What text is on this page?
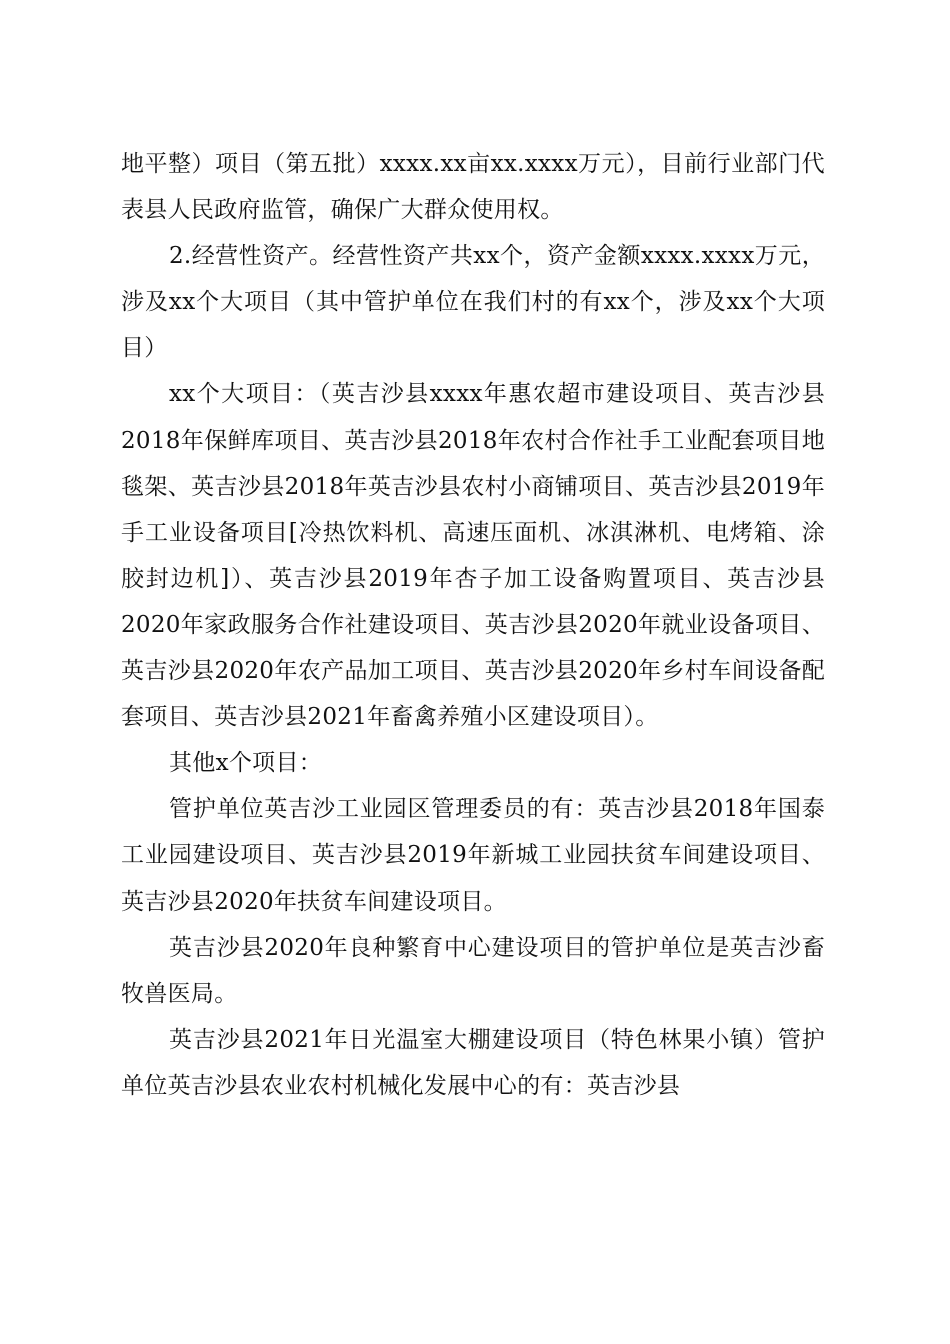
地平整）项目（第五批）xxxx.xx亩xx.xxxx万元），目前行业部门代表县人民政府监管，确保广大群众使用权。

2.经营性资产。经营性资产共xx个，资产金额xxxx.xxxx万元，涉及xx个大项目（其中管护单位在我们村的有xx个，涉及xx个大项目）

xx个大项目：（英吉沙县xxxx年惠农超市建设项目、英吉沙县2018年保鲜库项目、英吉沙县2018年农村合作社手工业配套项目地毯架、英吉沙县2018年英吉沙县农村小商铺项目、英吉沙县2019年手工业设备项目[冷热饮料机、高速压面机、冰淇淋机、电烤箱、涂胶封边机]）、英吉沙县2019年杏子加工设备购置项目、英吉沙县2020年家政服务合作社建设项目、英吉沙县2020年就业设备项目、英吉沙县2020年农产品加工项目、英吉沙县2020年乡村车间设备配套项目、英吉沙县2021年畜禽养殖小区建设项目）。

其他x个项目：

管护单位英吉沙工业园区管理委员的有：英吉沙县2018年国泰工业园建设项目、英吉沙县2019年新城工业园扶贫车间建设项目、英吉沙县2020年扶贫车间建设项目。

英吉沙县2020年良种繁育中心建设项目的管护单位是英吉沙畜牧兽医局。

英吉沙县2021年日光温室大棚建设项目（特色林果小镇）管护单位英吉沙县农业农村机械化发展中心的有：英吉沙县
